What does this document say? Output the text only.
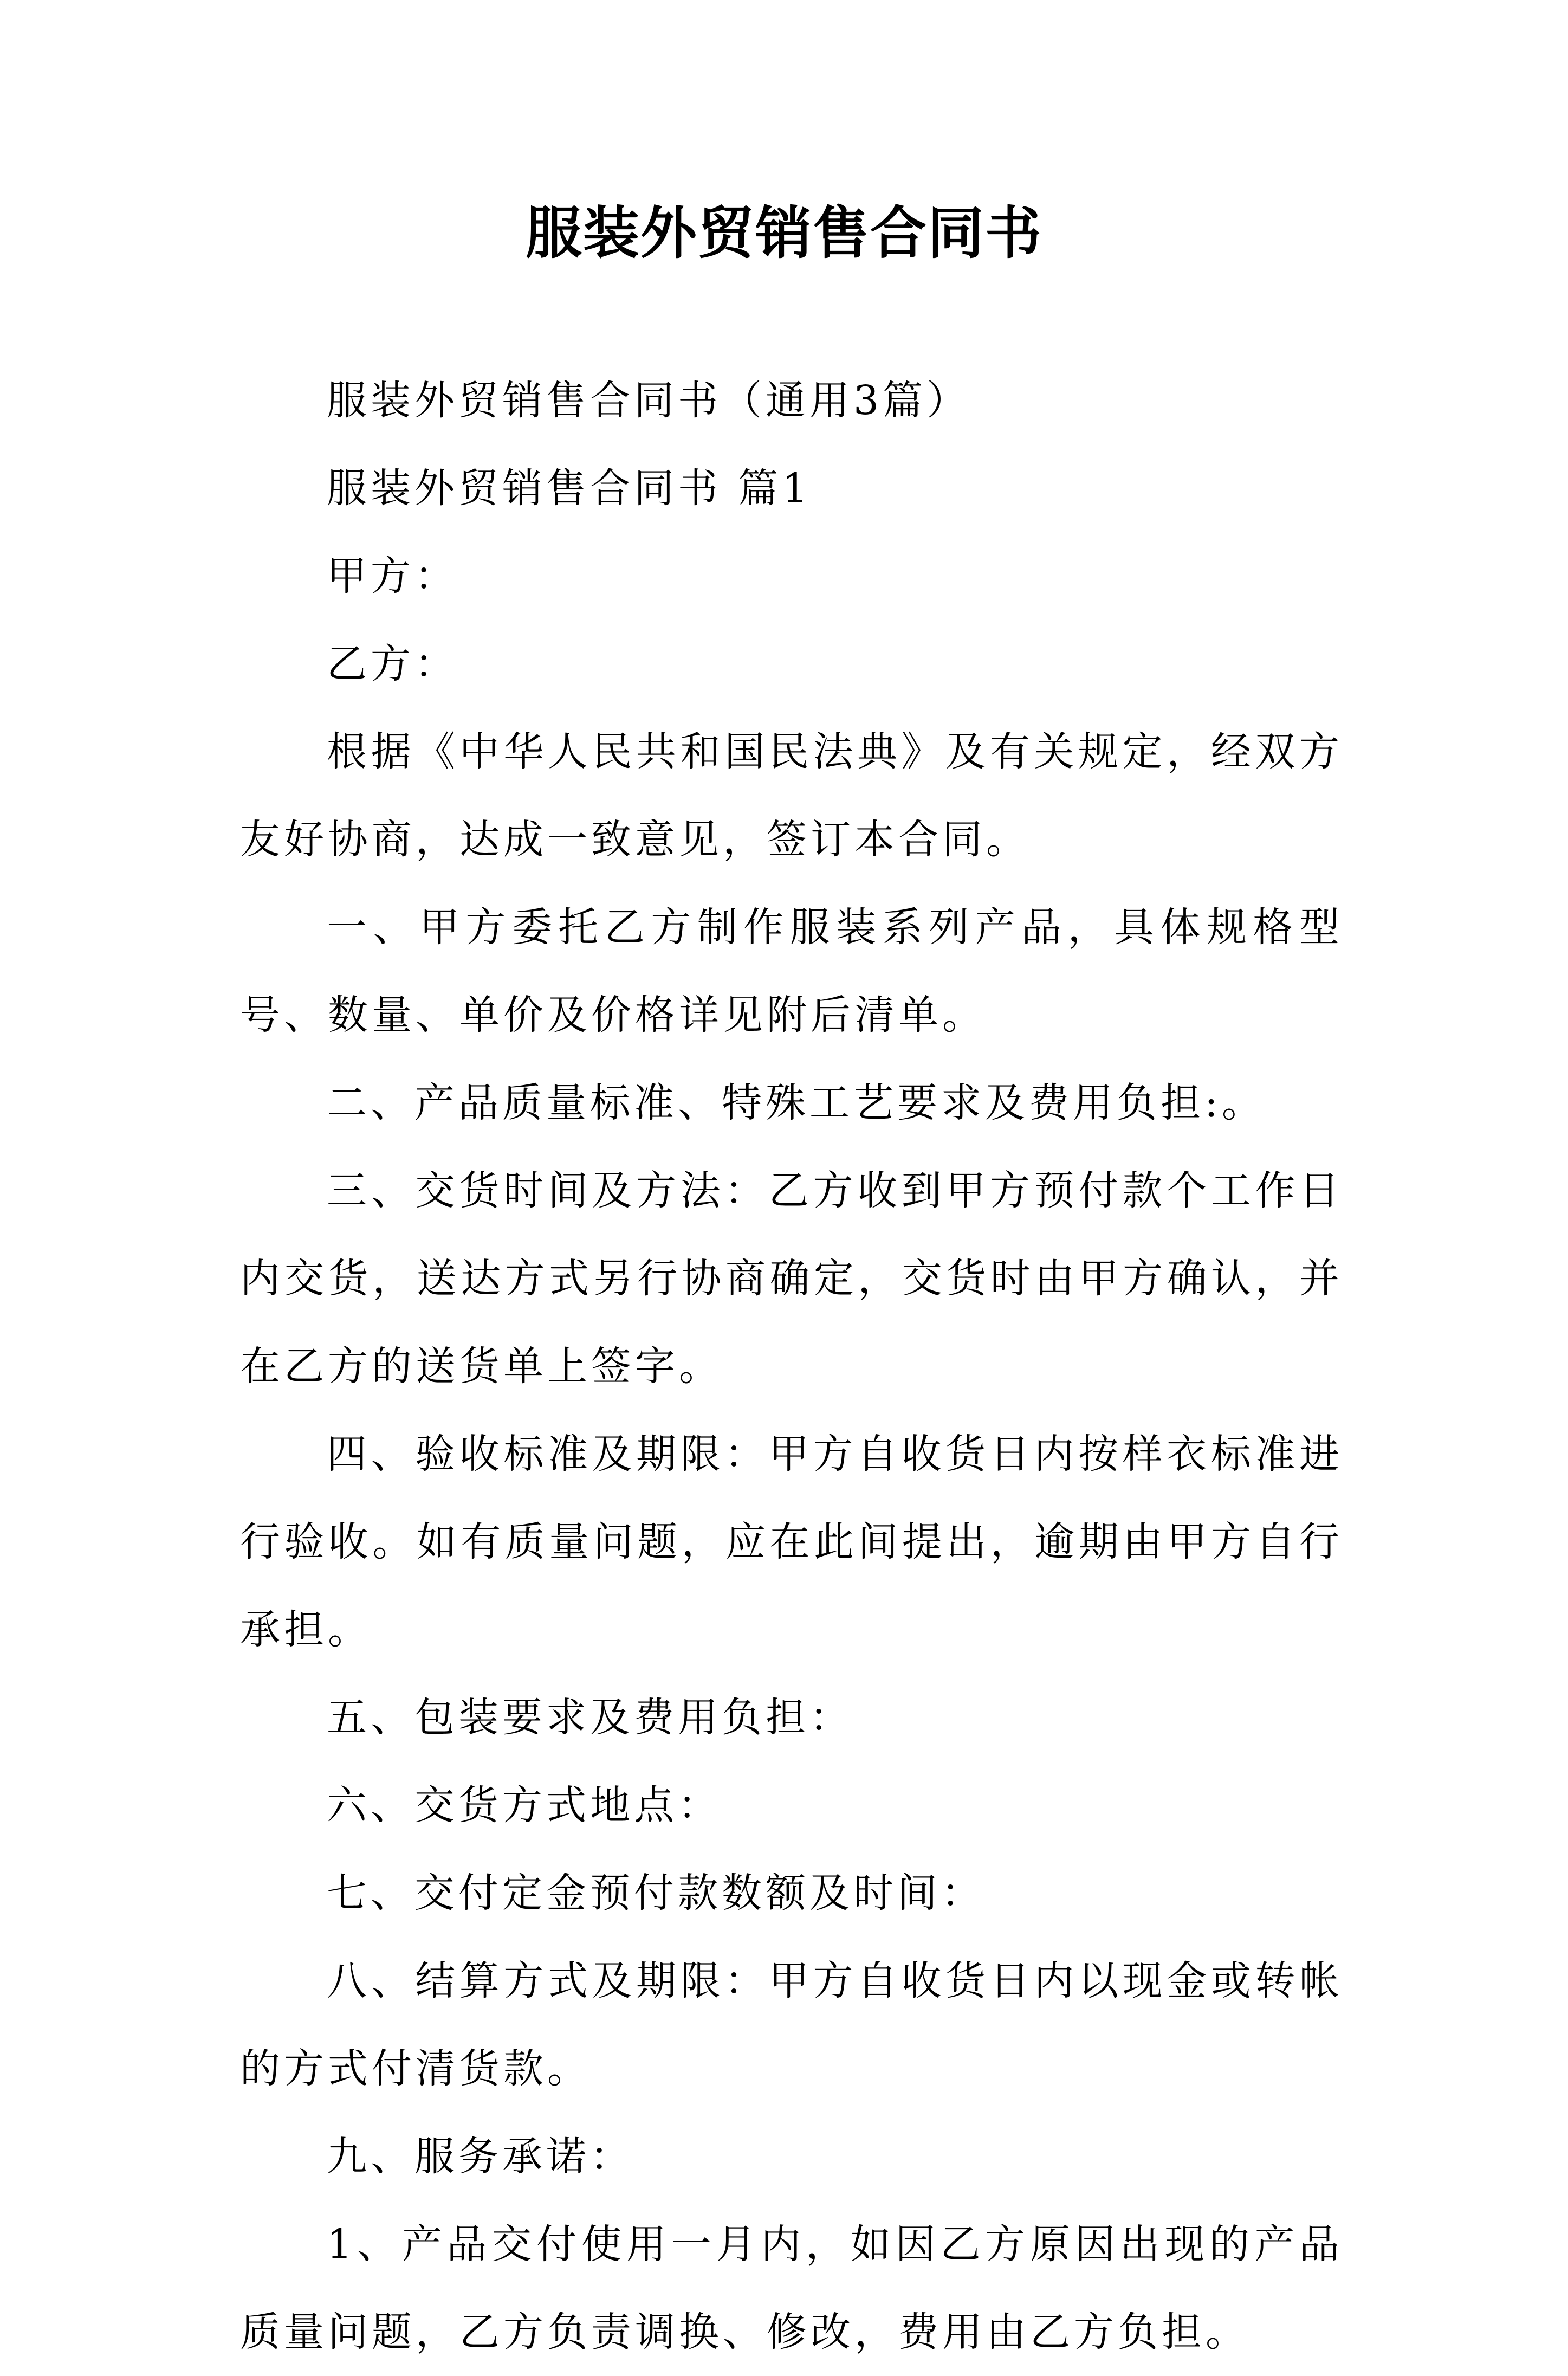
服装外贸销售合同书

服装外贸销售合同书（通用3篇）

服装外贸销售合同书 篇1

甲方：

乙方：

根据《中华人民共和国民法典》及有关规定，经双方友好协商，达成一致意见，签订本合同。

一、甲方委托乙方制作服装系列产品，具体规格型号、数量、单价及价格详见附后清单。

二、产品质量标准、特殊工艺要求及费用负担:。

三、交货时间及方法：乙方收到甲方预付款个工作日内交货，送达方式另行协商确定，交货时由甲方确认，并在乙方的送货单上签字。

四、验收标准及期限：甲方自收货日内按样衣标准进行验收。如有质量问题，应在此间提出，逾期由甲方自行承担。

五、包装要求及费用负担：

六、交货方式地点：

七、交付定金预付款数额及时间：

八、结算方式及期限：甲方自收货日内以现金或转帐的方式付清货款。

九、服务承诺：

1、产品交付使用一月内，如因乙方原因出现的产品质量问题，乙方负责调换、修改，费用由乙方负担。
